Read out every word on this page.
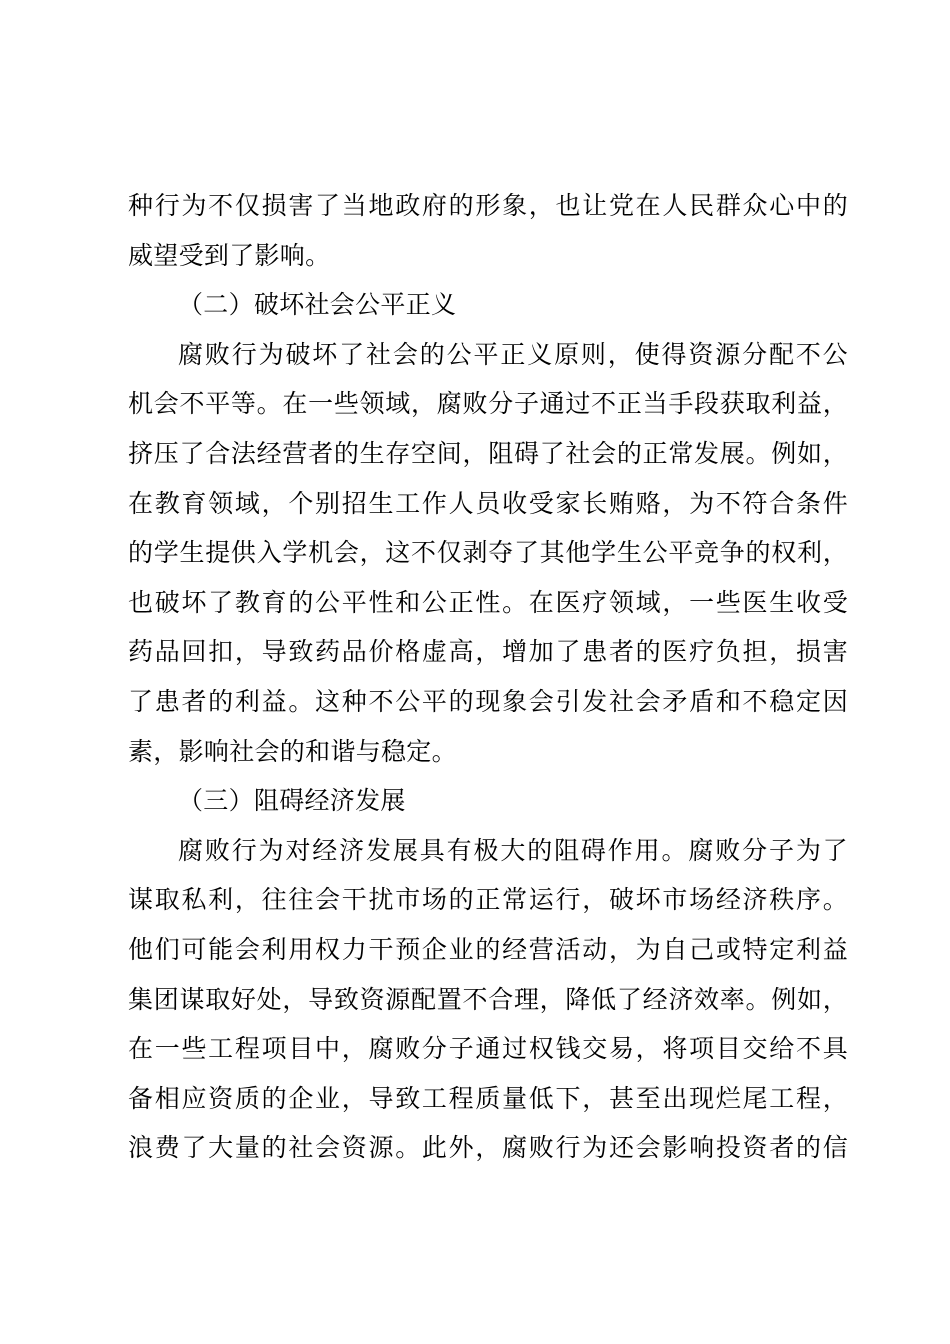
种行为不仅损害了当地政府的形象，也让党在人民群众心中的
威望受到了影响。
（二）破坏社会公平正义
腐败行为破坏了社会的公平正义原则，使得资源分配不公
机会不平等。在一些领域，腐败分子通过不正当手段获取利益，
挤压了合法经营者的生存空间，阻碍了社会的正常发展。例如，
在教育领域，个别招生工作人员收受家长贿赂，为不符合条件
的学生提供入学机会，这不仅剥夺了其他学生公平竞争的权利，
也破坏了教育的公平性和公正性。在医疗领域，一些医生收受
药品回扣，导致药品价格虚高，增加了患者的医疗负担，损害
了患者的利益。这种不公平的现象会引发社会矛盾和不稳定因
素，影响社会的和谐与稳定。
（三）阻碍经济发展
腐败行为对经济发展具有极大的阻碍作用。腐败分子为了
谋取私利，往往会干扰市场的正常运行，破坏市场经济秩序。
他们可能会利用权力干预企业的经营活动，为自己或特定利益
集团谋取好处，导致资源配置不合理，降低了经济效率。例如，
在一些工程项目中，腐败分子通过权钱交易，将项目交给不具
备相应资质的企业，导致工程质量低下，甚至出现烂尾工程，
浪费了大量的社会资源。此外，腐败行为还会影响投资者的信
